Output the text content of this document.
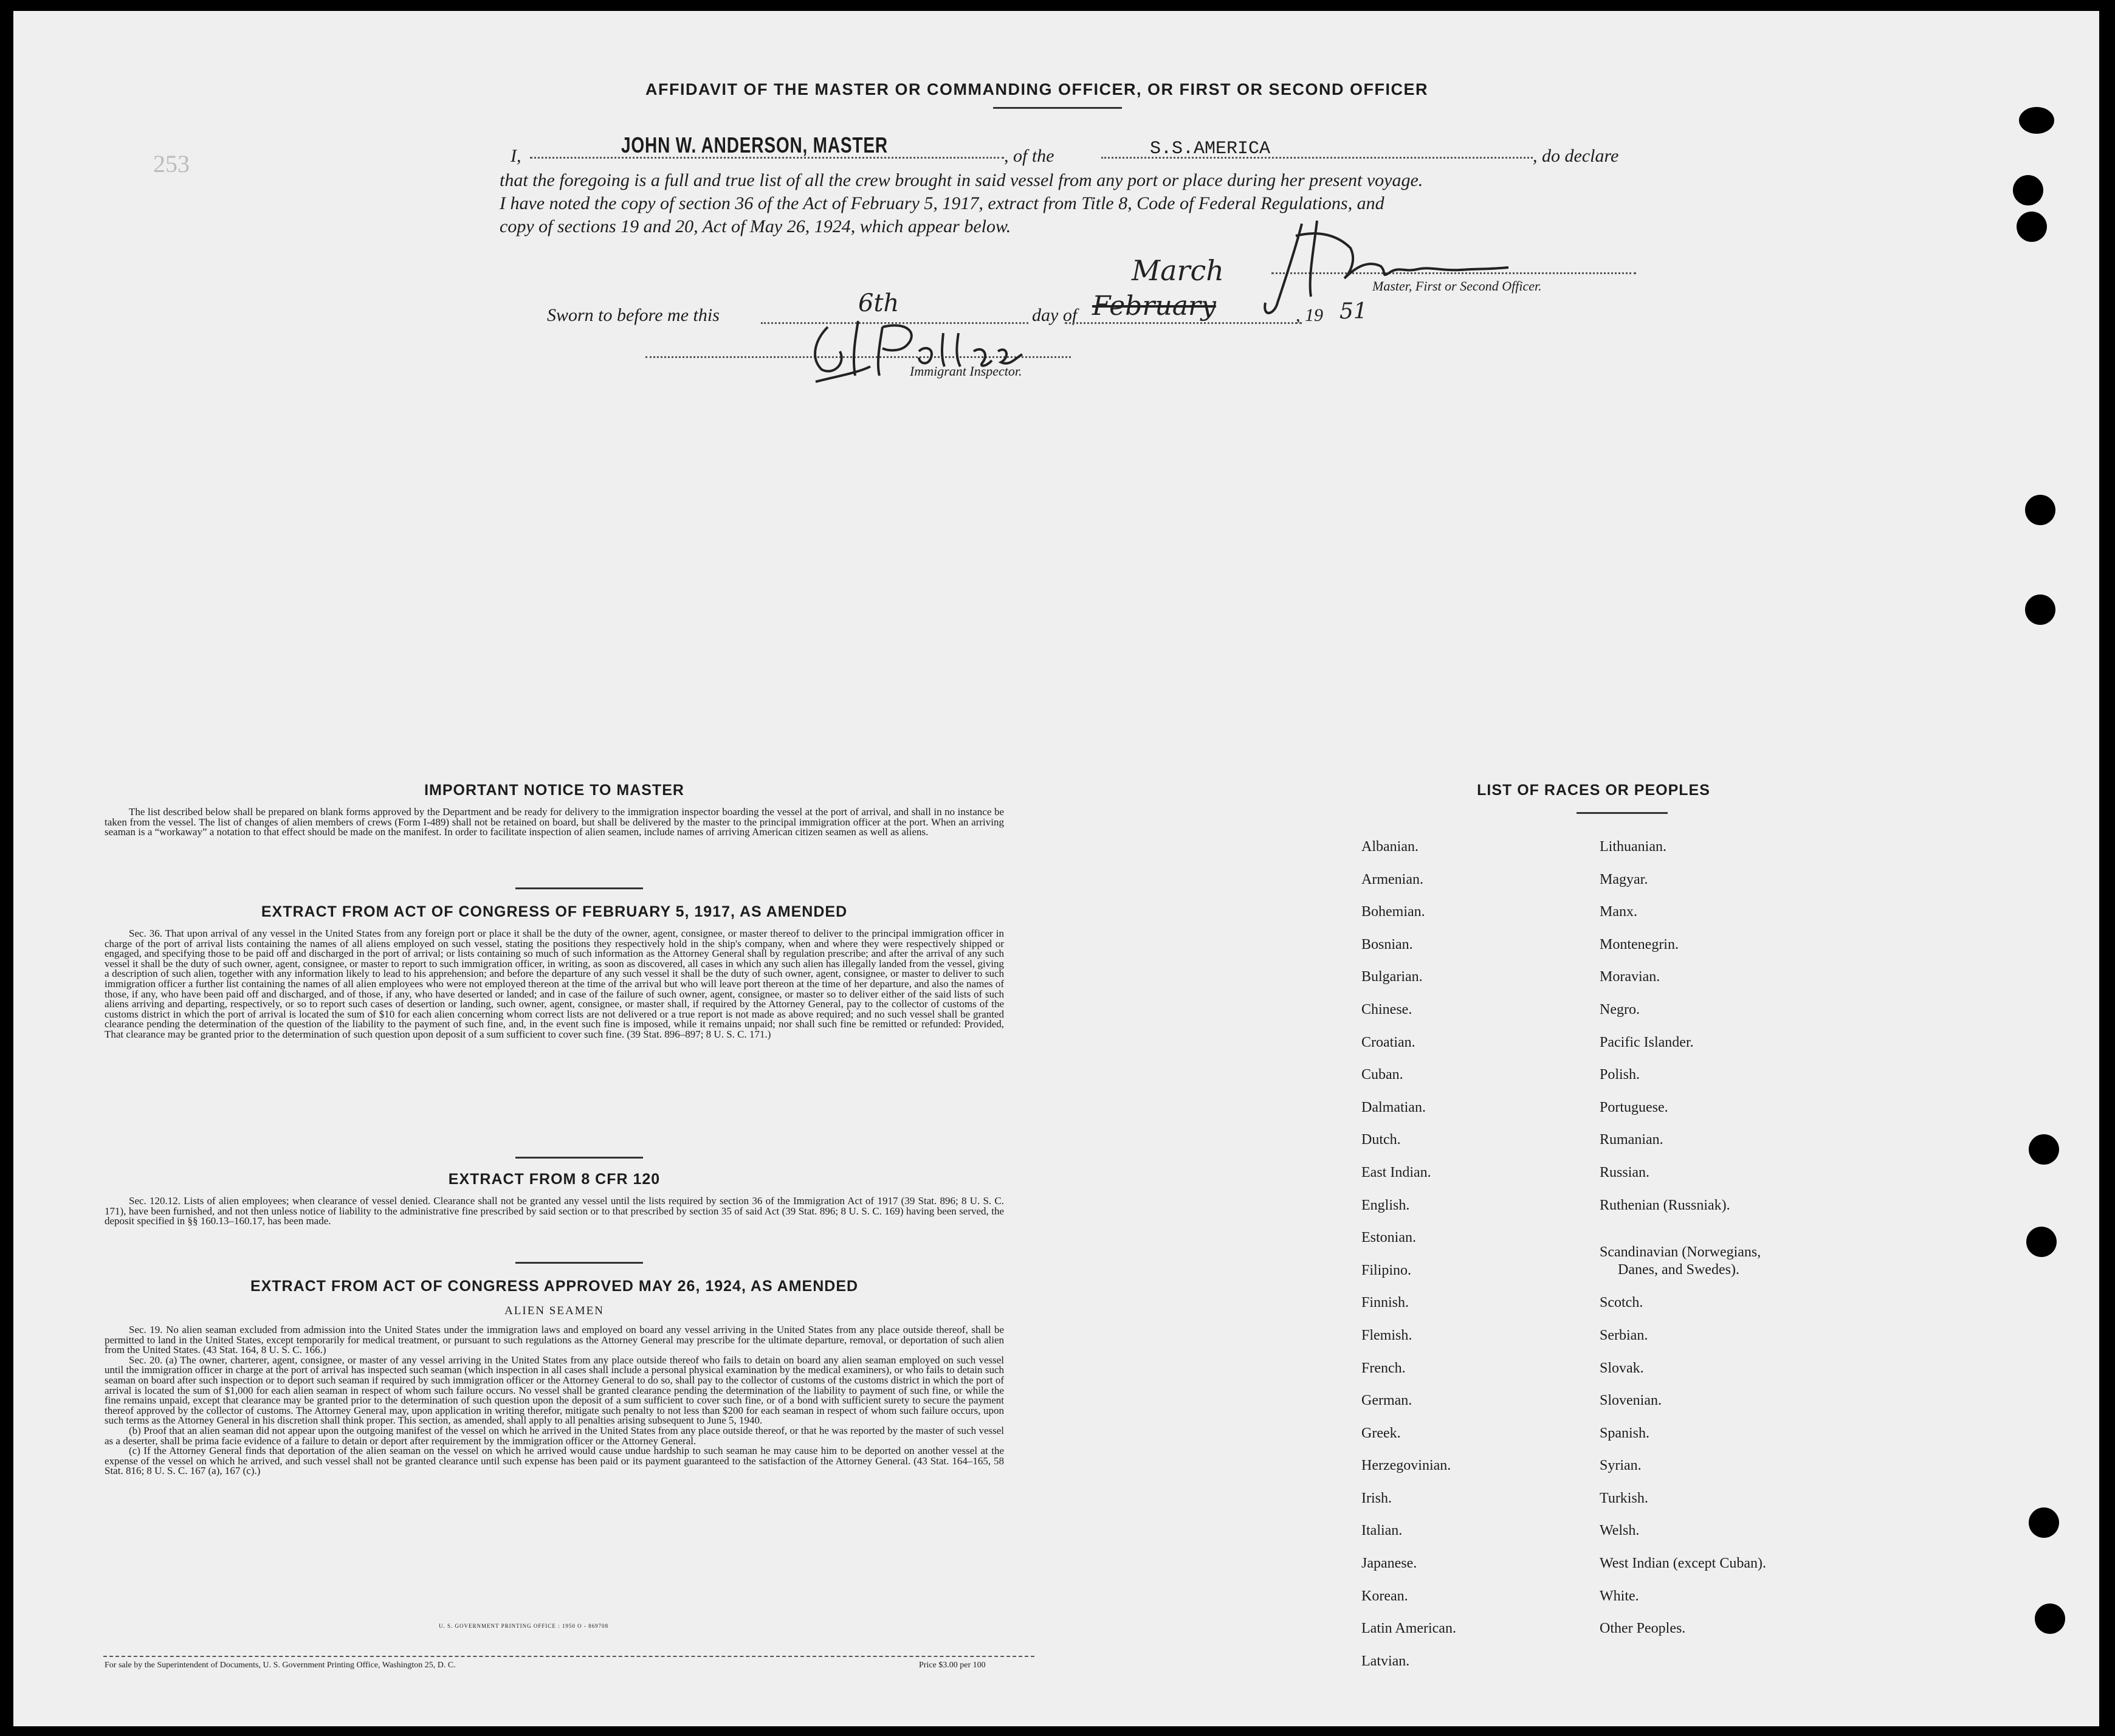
AFFIDAVIT OF THE MASTER OR COMMANDING OFFICER, OR FIRST OR SECOND OFFICER
253	I,	JOHN W. ANDERSON, MASTER	, of the	S.S.AMERICA	, do declare
that the foregoing is a full and true list of all the crew brought in said vessel from any port or place during her present voyage.
I have noted the copy of section 36 of the Act of February 5, 1917, extract from Title 8, Code of Federal Regulations, and
copy of sections 19 and 20, Act of May 26, 1924, which appear below.
Master, First or Second Officer.
Sworn to before me this	6th	day of February
March
, 19 51
Immigrant Inspector.
IMPORTANT NOTICE TO MASTER

The list described below shall be prepared on blank forms approved by the Department and be ready for delivery to the immigration inspector boarding the vessel at the port of arrival, and shall in no instance be taken from the vessel. The list of changes of alien members of crews (Form I-489) shall not be retained on board, but shall be delivered by the master to the principal immigration officer at the port. When an arriving seaman is a “workaway” a notation to that effect should be made on the manifest. In order to facilitate inspection of alien seamen, include names of arriving American citizen seamen as well as aliens.

EXTRACT FROM ACT OF CONGRESS OF FEBRUARY 5, 1917, AS AMENDED

Sec. 36. That upon arrival of any vessel in the United States from any foreign port or place it shall be the duty of the owner, agent, consignee, or master thereof to deliver to the principal immigration officer in charge of the port of arrival lists containing the names of all aliens employed on such vessel, stating the positions they respectively hold in the ship's company, when and where they were respectively shipped or engaged, and specifying those to be paid off and discharged in the port of arrival; or lists containing so much of such information as the Attorney General shall by regulation prescribe; and after the arrival of any such vessel it shall be the duty of such owner, agent, consignee, or master to report to such immigration officer, in writing, as soon as discovered, all cases in which any such alien has illegally landed from the vessel, giving a description of such alien, together with any information likely to lead to his apprehension; and before the departure of any such vessel it shall be the duty of such owner, agent, consignee, or master to deliver to such immigration officer a further list containing the names of all alien employees who were not employed thereon at the time of the arrival but who will leave port thereon at the time of her departure, and also the names of those, if any, who have been paid off and discharged, and of those, if any, who have deserted or landed; and in case of the failure of such owner, agent, consignee, or master so to deliver either of the said lists of such aliens arriving and departing, respectively, or so to report such cases of desertion or landing, such owner, agent, consignee, or master shall, if required by the Attorney General, pay to the collector of customs of the customs district in which the port of arrival is located the sum of $10 for each alien concerning whom correct lists are not delivered or a true report is not made as above required; and no such vessel shall be granted clearance pending the determination of the question of the liability to the payment of such fine, and, in the event such fine is imposed, while it remains unpaid; nor shall such fine be remitted or refunded: Provided, That clearance may be granted prior to the determination of such question upon deposit of a sum sufficient to cover such fine. (39 Stat. 896–897; 8 U. S. C. 171.)

EXTRACT FROM 8 CFR 120

Sec. 120.12. Lists of alien employees; when clearance of vessel denied. Clearance shall not be granted any vessel until the lists required by section 36 of the Immigration Act of 1917 (39 Stat. 896; 8 U. S. C. 171), have been furnished, and not then unless notice of liability to the administrative fine prescribed by said section or to that prescribed by section 35 of said Act (39 Stat. 896; 8 U. S. C. 169) having been served, the deposit specified in §§ 160.13–160.17, has been made.

EXTRACT FROM ACT OF CONGRESS APPROVED MAY 26, 1924, AS AMENDED
ALIEN SEAMEN

Sec. 19. No alien seaman excluded from admission into the United States under the immigration laws and employed on board any vessel arriving in the United States from any place outside thereof, shall be permitted to land in the United States, except temporarily for medical treatment, or pursuant to such regulations as the Attorney General may prescribe for the ultimate departure, removal, or deportation of such alien from the United States. (43 Stat. 164, 8 U. S. C. 166.)

Sec. 20. (a) The owner, charterer, agent, consignee, or master of any vessel arriving in the United States from any place outside thereof who fails to detain on board any alien seaman employed on such vessel until the immigration officer in charge at the port of arrival has inspected such seaman (which inspection in all cases shall include a personal physical examination by the medical examiners), or who fails to detain such seaman on board after such inspection or to deport such seaman if required by such immigration officer or the Attorney General to do so, shall pay to the collector of customs of the customs district in which the port of arrival is located the sum of $1,000 for each alien seaman in respect of whom such failure occurs. No vessel shall be granted clearance pending the determination of the liability to payment of such fine, or while the fine remains unpaid, except that clearance may be granted prior to the determination of such question upon the deposit of a sum sufficient to cover such fine, or of a bond with sufficient surety to secure the payment thereof approved by the collector of customs. The Attorney General may, upon application in writing therefor, mitigate such penalty to not less than $200 for each seaman in respect of whom such failure occurs, upon such terms as the Attorney General in his discretion shall think proper. This section, as amended, shall apply to all penalties arising subsequent to June 5, 1940.

(b) Proof that an alien seaman did not appear upon the outgoing manifest of the vessel on which he arrived in the United States from any place outside thereof, or that he was reported by the master of such vessel as a deserter, shall be prima facie evidence of a failure to detain or deport after requirement by the immigration officer or the Attorney General.

(c) If the Attorney General finds that deportation of the alien seaman on the vessel on which he arrived would cause undue hardship to such seaman he may cause him to be deported on another vessel at the expense of the vessel on which he arrived, and such vessel shall not be granted clearance until such expense has been paid or its payment guaranteed to the satisfaction of the Attorney General. (43 Stat. 164–165, 58 Stat. 816; 8 U. S. C. 167 (a), 167 (c).)

U. S. GOVERNMENT PRINTING OFFICE : 1950 O - 869708
For sale by the Superintendent of Documents, U. S. Government Printing Office, Washington 25, D. C.	Price $3.00 per 100
LIST OF RACES OR PEOPLES
Albanian.
Armenian.
Bohemian.
Bosnian.
Bulgarian.
Chinese.
Croatian.
Cuban.
Dalmatian.
Dutch.
East Indian.
English.
Estonian.
Filipino.
Finnish.
Flemish.
French.
German.
Greek.
Herzegovinian.
Irish.
Italian.
Japanese.
Korean.
Latin American.
Latvian.
Lithuanian.
Magyar.
Manx.
Montenegrin.
Moravian.
Negro.
Pacific Islander.
Polish.
Portuguese.
Rumanian.
Russian.
Ruthenian (Russniak).
Scandinavian (Norwegians,
Danes, and Swedes).
Scotch.
Serbian.
Slovak.
Slovenian.
Spanish.
Syrian.
Turkish.
Welsh.
West Indian (except Cuban).
White.
Other Peoples.
